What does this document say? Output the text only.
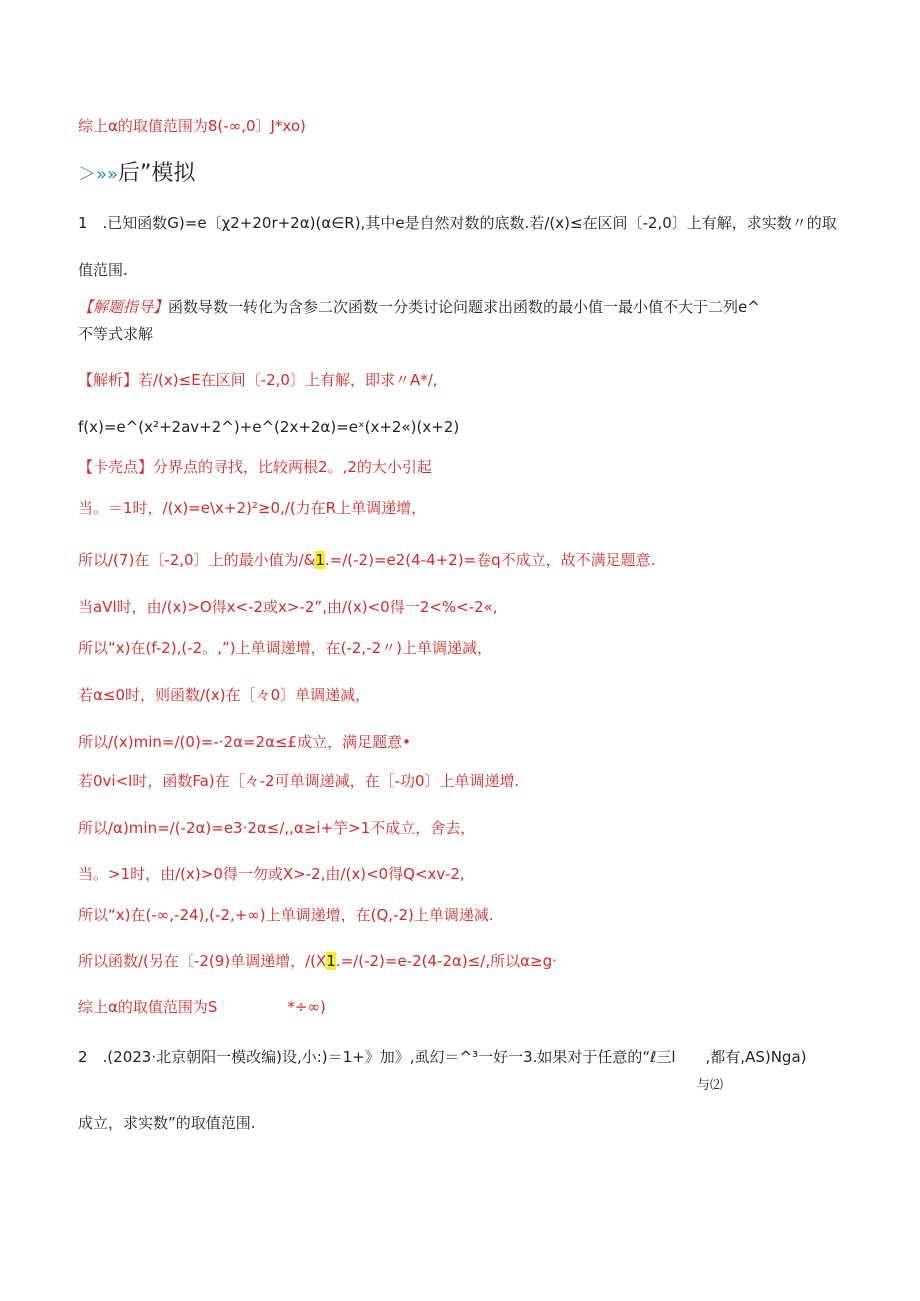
综上α的取值范围为8(-∞,0〕J*xo)
＞»»后”模拟
1　.已知函数G)=e〔χ2+20r+2α)(α∈R),其中e是自然对数的底数.若/(x)≤在区间〔-2,0〕上有解，求实数〃的取
值范围.
【解题指导】函数导数一转化为含参二次函数一分类讨论问题求出函数的最小值一最小值不大于二列e^
不等式求解
【解析】若/(x)≤E在区间〔-2,0〕上有解，即求〃A*/,
f(x)=e^(x²+2av+2^)+e^(2x+2α)=eˣ(x+2«)(x+2)
【卡壳点】分界点的寻找，比较两根2。,2的大小引起
当。＝1时，/(x)=e\x+2)²≥0,/(力在R上单调递增，
所以/(7)在〔-2,0〕上的最小值为/&1.=/(-2)=e2(4-4+2)=卷q不成立，故不满足题意.
当aVl时，由/(x)>O得x<-2或x>-2”,由/(x)<0得一2<%<-2«,
所以“x)在(f-2),(-2。,”)上单调递增，在(-2,-2〃)上单调递减，
若α≤0时，则函数/(x)在［々0〕单调递减，
所以/(x)min=/(0)=-·2α=2α≤£成立，满足题意•
若0vi<l时，函数Fa)在［々-2可单调递减，在［-功0〕上单调递增.
所以/α)min=/(-2α)=e3·2α≤/,,α≥i+竽>1不成立，舍去，
当。>1时，由/(x)>0得一勿或X>-2,由/(x)<0得Q<xv-2,
所以“x)在(-∞,-24),(-2,+∞)上单调递增，在(Q,-2)上单调递减.
所以函数/(另在〔-2(9)单调递增，/(X1.=/(-2)=e-2(4-2α)≤/,所以α≥g·
综上α的取值范围为S	*÷∞)
2　.(2023·北京朝阳一模改编)设,小:)＝1+》加》,虱幻＝^³一好一3.如果对于任意的“ℓ三l　　,都有,AS)Nga)
与⑵
成立，求实数”的取值范围.
